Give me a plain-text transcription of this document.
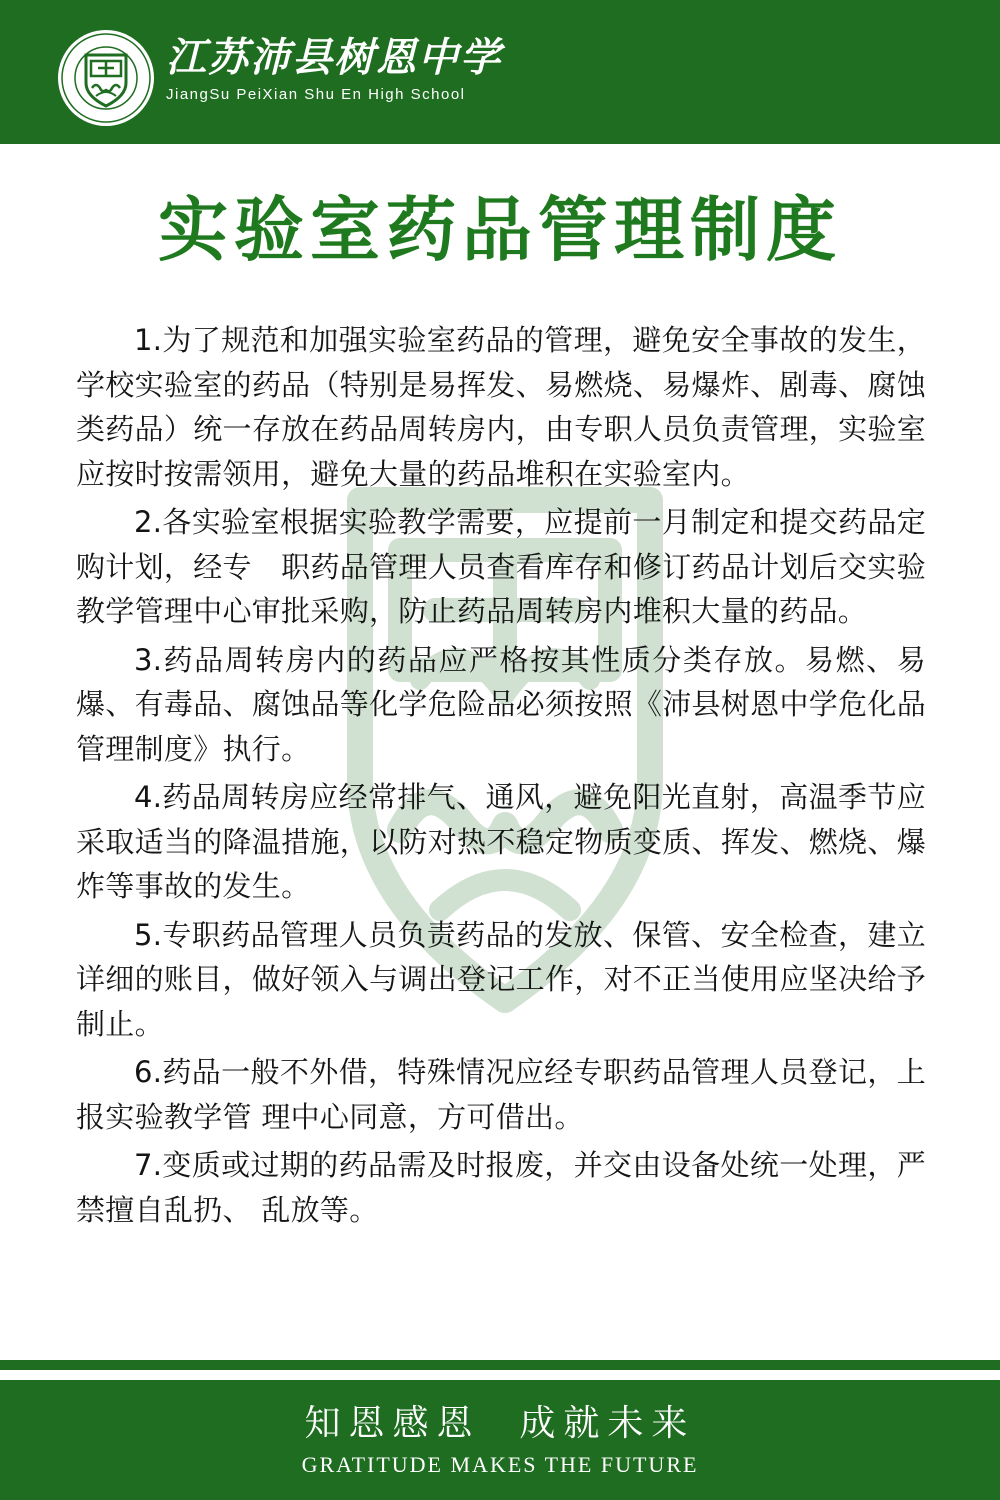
江苏沛县树恩中学
JiangSu PeiXian Shu En High School
实验室药品管理制度

1.为了规范和加强实验室药品的管理，避免安全事故的发生，学校实验室的药品（特别是易挥发、易燃烧、易爆炸、剧毒、腐蚀类药品）统一存放在药品周转房内，由专职人员负责管理，实验室应按时按需领用，避免大量的药品堆积在实验室内。

2.各实验室根据实验教学需要，应提前一月制定和提交药品定购计划，经专　职药品管理人员查看库存和修订药品计划后交实验教学管理中心审批采购，防止药品周转房内堆积大量的药品。

3.药品周转房内的药品应严格按其性质分类存放。易燃、易爆、有毒品、腐蚀品等化学危险品必须按照《沛县树恩中学危化品管理制度》执行。

4.药品周转房应经常排气、通风，避免阳光直射，高温季节应采取适当的降温措施，以防对热不稳定物质变质、挥发、燃烧、爆炸等事故的发生。

5.专职药品管理人员负责药品的发放、保管、安全检查，建立详细的账目，做好领入与调出登记工作，对不正当使用应坚决给予制止。

6.药品一般不外借，特殊情况应经专职药品管理人员登记，上报实验教学管 理中心同意，方可借出。

7.变质或过期的药品需及时报废，并交由设备处统一处理，严禁擅自乱扔、 乱放等。

知恩感恩  成就未来
GRATITUDE MAKES THE FUTURE
